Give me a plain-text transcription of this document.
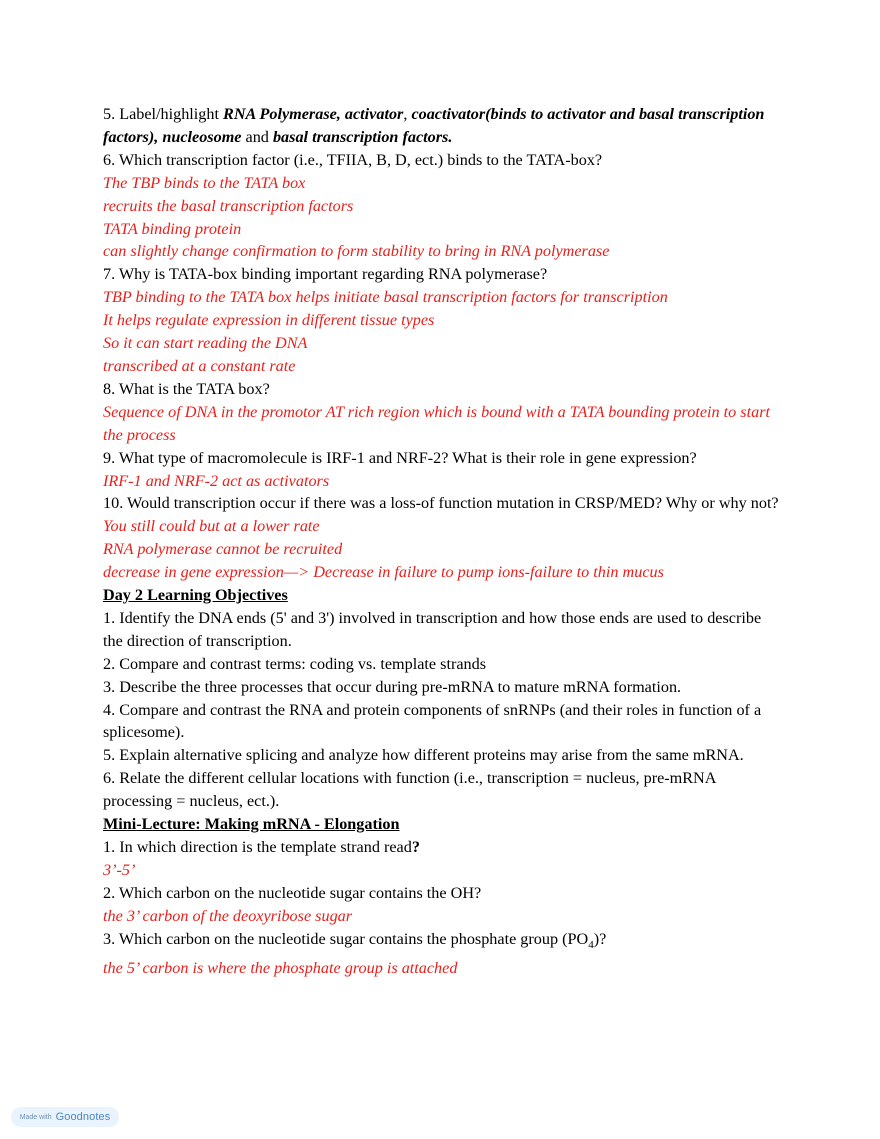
5. Label/highlight RNA Polymerase, activator, coactivator(binds to activator and basal transcription factors), nucleosome and basal transcription factors.
6. Which transcription factor (i.e., TFIIA, B, D, ect.) binds to the TATA-box?
The TBP binds to the TATA box
recruits the basal transcription factors
TATA binding protein
can slightly change confirmation to form stability to bring in RNA polymerase
7. Why is TATA-box binding important regarding RNA polymerase?
TBP binding to the TATA box helps initiate basal transcription factors for transcription
It helps regulate expression in different tissue types
So it can start reading the DNA
transcribed at a constant rate
8. What is the TATA box?
Sequence of DNA in the promotor AT rich region which is bound with a TATA bounding protein to start the process
9. What type of macromolecule is IRF-1 and NRF-2? What is their role in gene expression?
IRF-1 and NRF-2 act as activators
10. Would transcription occur if there was a loss-of function mutation in CRSP/MED? Why or why not?
You still could but at a lower rate
RNA polymerase cannot be recruited
decrease in gene expression—> Decrease in failure to pump ions-failure to thin mucus
Day 2 Learning Objectives
1. Identify the DNA ends (5' and 3') involved in transcription and how those ends are used to describe the direction of transcription.
2. Compare and contrast terms: coding vs. template strands
3. Describe the three processes that occur during pre-mRNA to mature mRNA formation.
4. Compare and contrast the RNA and protein components of snRNPs (and their roles in function of a splicesome).
5. Explain alternative splicing and analyze how different proteins may arise from the same mRNA.
6. Relate the different cellular locations with function (i.e., transcription = nucleus, pre-mRNA processing = nucleus, ect.).
Mini-Lecture: Making mRNA - Elongation
1. In which direction is the template strand read?
3’-5’
2. Which carbon on the nucleotide sugar contains the OH?
the 3’ carbon of the deoxyribose sugar
3. Which carbon on the nucleotide sugar contains the phosphate group $(PO_4)$?
the 5’ carbon is where the phosphate group is attached
Made with Goodnotes
